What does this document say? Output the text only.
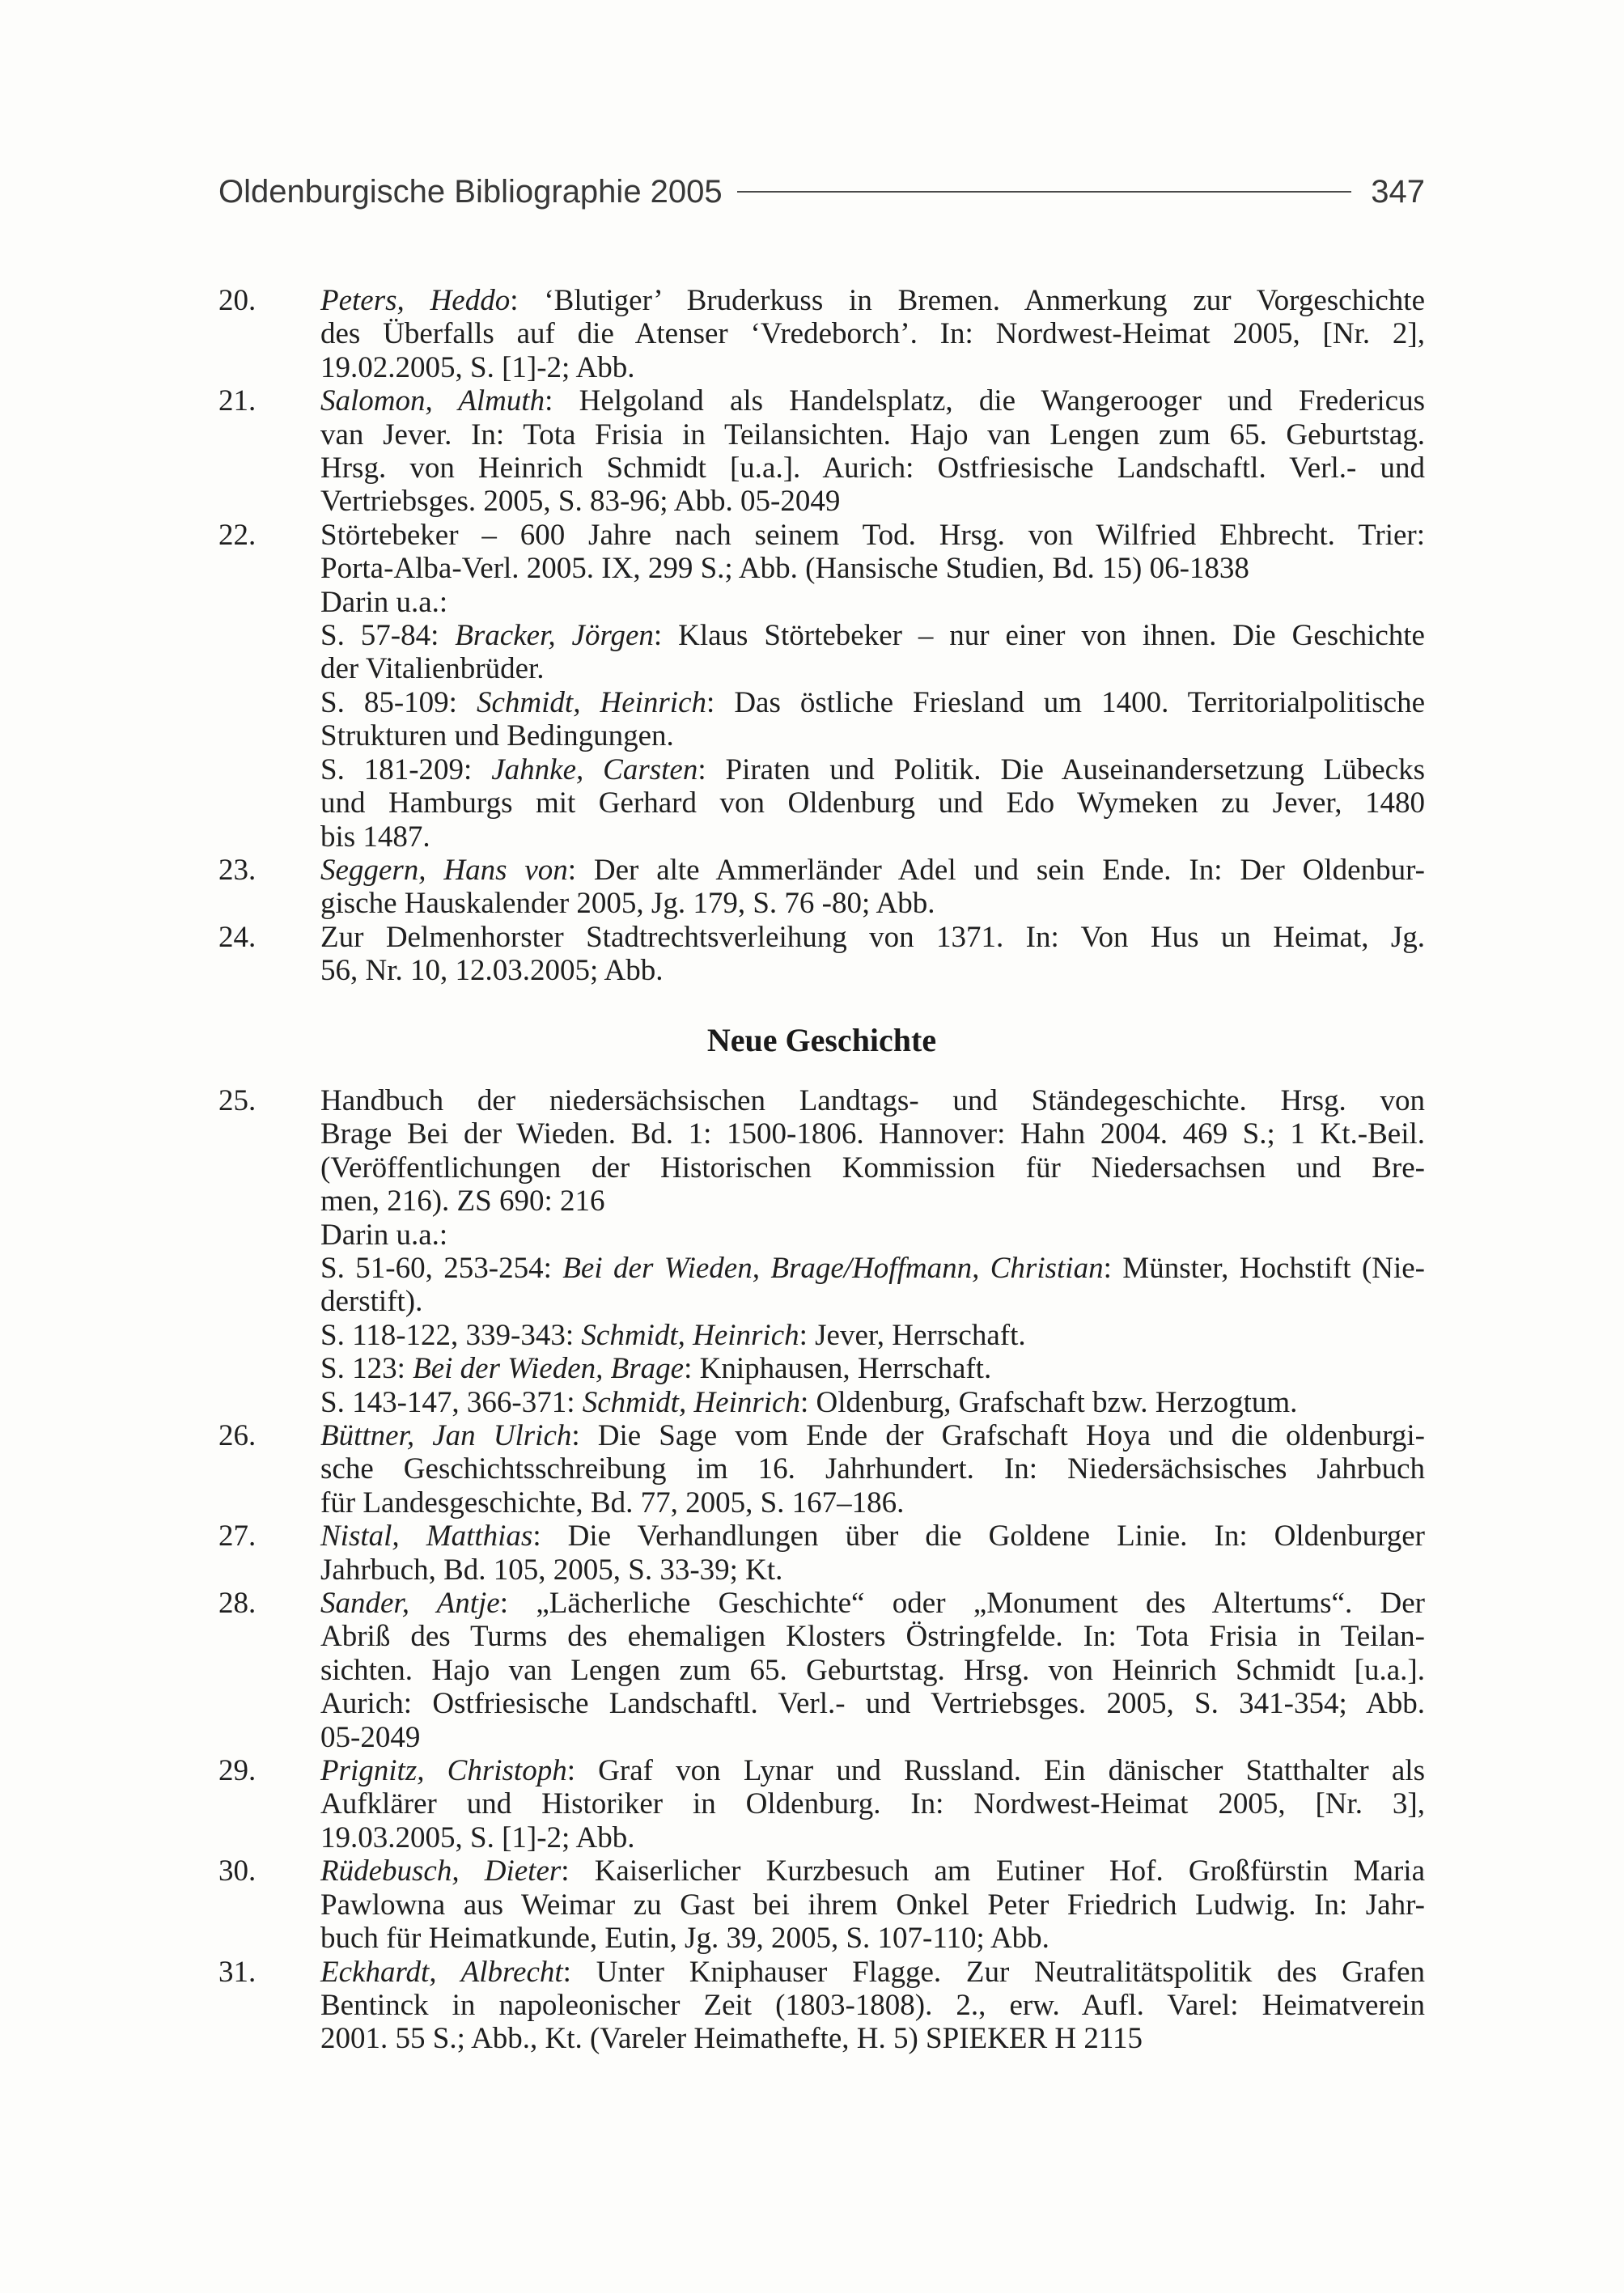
Oldenburgische Bibliographie 2005	347
20.	Peters, Heddo: ‘Blutiger’ Bruderkuss in Bremen. Anmerkung zur Vorgeschichte
des Überfalls auf die Atenser ‘Vredeborch’. In: Nordwest-Heimat 2005, [Nr. 2],
19.02.2005, S. [1]-2; Abb.
21.	Salomon, Almuth: Helgoland als Handelsplatz, die Wangerooger und Fredericus
van Jever. In: Tota Frisia in Teilansichten. Hajo van Lengen zum 65. Geburtstag.
Hrsg. von Heinrich Schmidt [u.a.]. Aurich: Ostfriesische Landschaftl. Verl.- und
Vertriebsges. 2005, S. 83-96; Abb. 05-2049
22.	Störtebeker – 600 Jahre nach seinem Tod. Hrsg. von Wilfried Ehbrecht. Trier:
Porta-Alba-Verl. 2005. IX, 299 S.; Abb. (Hansische Studien, Bd. 15) 06-1838
Darin u.a.:
S. 57-84: Bracker, Jörgen: Klaus Störtebeker – nur einer von ihnen. Die Geschichte
der Vitalienbrüder.
S. 85-109: Schmidt, Heinrich: Das östliche Friesland um 1400. Territorialpolitische
Strukturen und Bedingungen.
S. 181-209: Jahnke, Carsten: Piraten und Politik. Die Auseinandersetzung Lübecks
und Hamburgs mit Gerhard von Oldenburg und Edo Wymeken zu Jever, 1480
bis 1487.
23.	Seggern, Hans von: Der alte Ammerländer Adel und sein Ende. In: Der Oldenbur-
gische Hauskalender 2005, Jg. 179, S. 76 -80; Abb.
24.	Zur Delmenhorster Stadtrechtsverleihung von 1371. In: Von Hus un Heimat, Jg.
56, Nr. 10, 12.03.2005; Abb.
Neue Geschichte
25.	Handbuch der niedersächsischen Landtags- und Ständegeschichte. Hrsg. von
Brage Bei der Wieden. Bd. 1: 1500-1806. Hannover: Hahn 2004. 469 S.; 1 Kt.-Beil.
(Veröffentlichungen der Historischen Kommission für Niedersachsen und Bre-
men, 216). ZS 690: 216
Darin u.a.:
S. 51-60, 253-254: Bei der Wieden, Brage/Hoffmann, Christian: Münster, Hochstift (Nie-
derstift).
S. 118-122, 339-343: Schmidt, Heinrich: Jever, Herrschaft.
S. 123: Bei der Wieden, Brage: Kniphausen, Herrschaft.
S. 143-147, 366-371: Schmidt, Heinrich: Oldenburg, Grafschaft bzw. Herzogtum.
26.	Büttner, Jan Ulrich: Die Sage vom Ende der Grafschaft Hoya und die oldenburgi-
sche Geschichtsschreibung im 16. Jahrhundert. In: Niedersächsisches Jahrbuch
für Landesgeschichte, Bd. 77, 2005, S. 167–186.
27.	Nistal, Matthias: Die Verhandlungen über die Goldene Linie. In: Oldenburger
Jahrbuch, Bd. 105, 2005, S. 33-39; Kt.
28.	Sander, Antje: „Lächerliche Geschichte“ oder „Monument des Altertums“. Der
Abriß des Turms des ehemaligen Klosters Östringfelde. In: Tota Frisia in Teilan-
sichten. Hajo van Lengen zum 65. Geburtstag. Hrsg. von Heinrich Schmidt [u.a.].
Aurich: Ostfriesische Landschaftl. Verl.- und Vertriebsges. 2005, S. 341-354; Abb.
05-2049
29.	Prignitz, Christoph: Graf von Lynar und Russland. Ein dänischer Statthalter als
Aufklärer und Historiker in Oldenburg. In: Nordwest-Heimat 2005, [Nr. 3],
19.03.2005, S. [1]-2; Abb.
30.	Rüdebusch, Dieter: Kaiserlicher Kurzbesuch am Eutiner Hof. Großfürstin Maria
Pawlowna aus Weimar zu Gast bei ihrem Onkel Peter Friedrich Ludwig. In: Jahr-
buch für Heimatkunde, Eutin, Jg. 39, 2005, S. 107-110; Abb.
31.	Eckhardt, Albrecht: Unter Kniphauser Flagge. Zur Neutralitätspolitik des Grafen
Bentinck in napoleonischer Zeit (1803-1808). 2., erw. Aufl. Varel: Heimatverein
2001. 55 S.; Abb., Kt. (Vareler Heimathefte, H. 5) SPIEKER H 2115
